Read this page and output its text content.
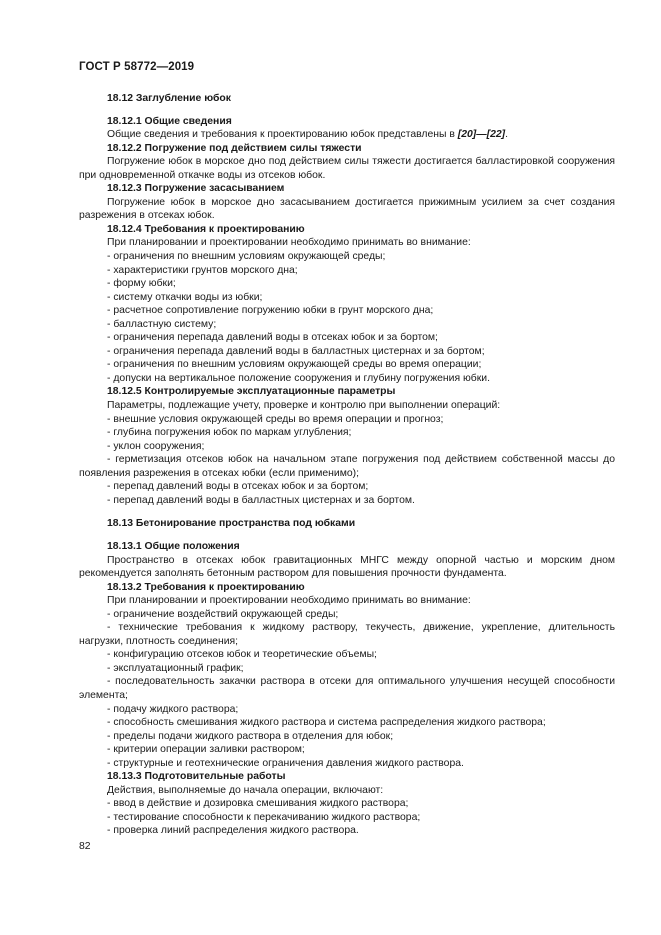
ГОСТ Р 58772—2019

18.12 Заглубление юбок

18.12.1 Общие сведения

Общие сведения и требования к проектированию юбок представлены в [20]—[22].

18.12.2 Погружение под действием силы тяжести

Погружение юбок в морское дно под действием силы тяжести достигается балластировкой сооружения при одновременной откачке воды из отсеков юбок.

18.12.3 Погружение засасыванием

Погружение юбок в морское дно засасыванием достигается прижимным усилием за счет создания разрежения в отсеках юбок.

18.12.4 Требования к проектированию

При планировании и проектировании необходимо принимать во внимание:

- ограничения по внешним условиям окружающей среды;

- характеристики грунтов морского дна;

- форму юбки;

- систему откачки воды из юбки;

- расчетное сопротивление погружению юбки в грунт морского дна;

- балластную систему;

- ограничения перепада давлений воды в отсеках юбок и за бортом;

- ограничения перепада давлений воды в балластных цистернах и за бортом;

- ограничения по внешним условиям окружающей среды во время операции;

- допуски на вертикальное положение сооружения и глубину погружения юбки.

18.12.5 Контролируемые эксплуатационные параметры

Параметры, подлежащие учету, проверке и контролю при выполнении операций:

- внешние условия окружающей среды во время операции и прогноз;

- глубина погружения юбок по маркам углубления;

- уклон сооружения;

- герметизация отсеков юбок на начальном этапе погружения под действием собственной массы до появления разрежения в отсеках юбки (если применимо);

- перепад давлений воды в отсеках юбок и за бортом;

- перепад давлений воды в балластных цистернах и за бортом.

18.13 Бетонирование пространства под юбками

18.13.1 Общие положения

Пространство в отсеках юбок гравитационных МНГС между опорной частью и морским дном рекомендуется заполнять бетонным раствором для повышения прочности фундамента.

18.13.2 Требования к проектированию

При планировании и проектировании необходимо принимать во внимание:

- ограничение воздействий окружающей среды;

- технические требования к жидкому раствору, текучесть, движение, укрепление, длительность нагрузки, плотность соединения;

- конфигурацию отсеков юбок и теоретические объемы;

- эксплуатационный график;

- последовательность закачки раствора в отсеки для оптимального улучшения несущей способности элемента;

- подачу жидкого раствора;

- способность смешивания жидкого раствора и система распределения жидкого раствора;

- пределы подачи жидкого раствора в отделения для юбок;

- критерии операции заливки раствором;

- структурные и геотехнические ограничения давления жидкого раствора.

18.13.3 Подготовительные работы

Действия, выполняемые до начала операции, включают:

- ввод в действие и дозировка смешивания жидкого раствора;

- тестирование способности к перекачиванию жидкого раствора;

- проверка линий распределения жидкого раствора.

82
